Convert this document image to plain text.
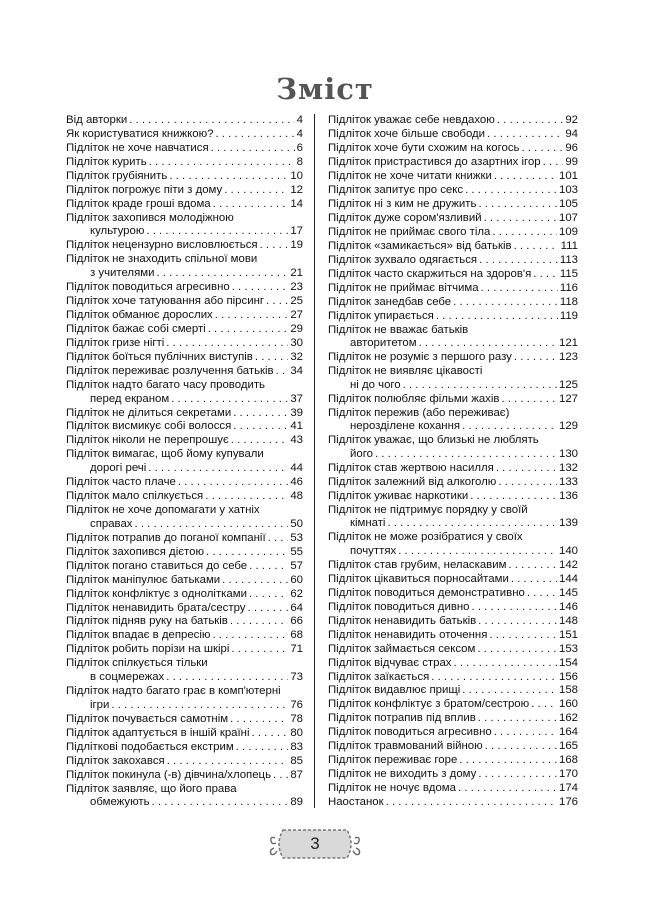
Зміст
Від авторки . . .	4
Як користуватися книжкою? . . .	4
Підліток не хоче навчатися . . .	6
Підліток курить . . .	8
Підліток грубіянить . . .	10
Підліток погрожує піти з дому . . .	12
Підліток краде гроші вдома . . .	14
Підліток захопився молодіжною
культурою . . .	17
Підліток нецензурно висловлюється . . .	19
Підліток не знаходить спільної мови
з учителями . . .	21
Підліток поводиться агресивно . . .	23
Підліток хоче татуювання або пірсинг . . . 25
Підліток обманює дорослих . . .	27
Підліток бажає собі смерті . . .	29
Підліток гризе нігті . . .	30
Підліток боїться публічних виступів . . .	32
Підліток переживає розлучення батьків . . . 34
Підліток надто багато часу проводить
перед екраном . . .	37
Підліток не ділиться секретами . . .	39
Підліток висмикує собі волосся . . .	41
Підліток ніколи не перепрошує . . .	43
Підліток вимагає, щоб йому купували
дорогі речі . . .	44
Підліток часто плаче . . .	46
Підліток мало спілкується . . .	48
Підліток не хоче допомагати у хатніх
справах . . .	50
Підліток потрапив до поганої компанії . . . 53
Підліток захопився дієтою . . .	55
Підліток погано ставиться до себе . . .	57
Підліток маніпулює батьками . . .	60
Підліток конфліктує з однолітками . . .	62
Підліток ненавидить брата/сестру . . .	64
Підліток підняв руку на батьків . . .	66
Підліток впадає в депресію . . .	68
Підліток робить порізи на шкірі . . .	71
Підліток спілкується тільки
в соцмережах . . .	73
Підліток надто багато грає в комп'ютерні
ігри . . .	76
Підліток почувається самотнім . . .	78
Підліток адаптується в іншій країні . . .	80
Підліткові подобається екстрим . . .	83
Підліток закохався . . .	85
Підліток покинула (-в) дівчина/хлопець . . . 87
Підліток заявляє, що його права
обмежують . . .	89
Підліток уважає себе невдахою . . .	92
Підліток хоче більше свободи . . .	94
Підліток хоче бути схожим на когось . . .	96
Підліток пристрастився до азартних ігор . . . 99
Підліток не хоче читати книжки . . .	101
Підліток запитує про секс . . .	103
Підліток ні з ким не дружить . . .	105
Підліток дуже сором'язливий . . .	107
Підліток не приймає свого тіла . . .	109
Підліток «замикається» від батьків . . .	111
Підліток зухвало одягається . . .	113
Підліток часто скаржиться на здоров'я . . .	115
Підліток не приймає вітчима . . .	116
Підліток занедбав себе . . .	118
Підліток упирається . . .	119
Підліток не вважає батьків
авторитетом . . .	121
Підліток не розуміє з першого разу . . .	123
Підліток не виявляє цікавості
ні до чого . . .	125
Підліток полюбляє фільми жахів . . .	127
Підліток пережив (або переживає)
нерозділене кохання . . .	129
Підліток уважає, що близькі не люблять
його . . .	130
Підліток став жертвою насилля . . .	132
Підліток залежний від алкоголю . . .	133
Підліток уживає наркотики . . .	136
Підліток не підтримує порядку у своїй
кімнаті . . .	139
Підліток не може розібратися у своїх
почуттях . . .	140
Підліток став грубим, неласкавим . . .	142
Підліток цікавиться порносайтами . . .	144
Підліток поводиться демонстративно . . .	145
Підліток поводиться дивно . . .	146
Підліток ненавидить батьків . . .	148
Підліток ненавидить оточення . . .	151
Підліток займається сексом . . .	153
Підліток відчуває страх . . .	154
Підліток заїкається . . .	156
Підліток видавлює прищі . . .	158
Підліток конфліктує з братом/сестрою . . .	160
Підліток потрапив під вплив . . .	162
Підліток поводиться агресивно . . .	164
Підліток травмований війною . . .	165
Підліток переживає горе . . .	168
Підліток не виходить з дому . . .	170
Підліток не ночує вдома . . .	174
Наостанок . . .	176
3
